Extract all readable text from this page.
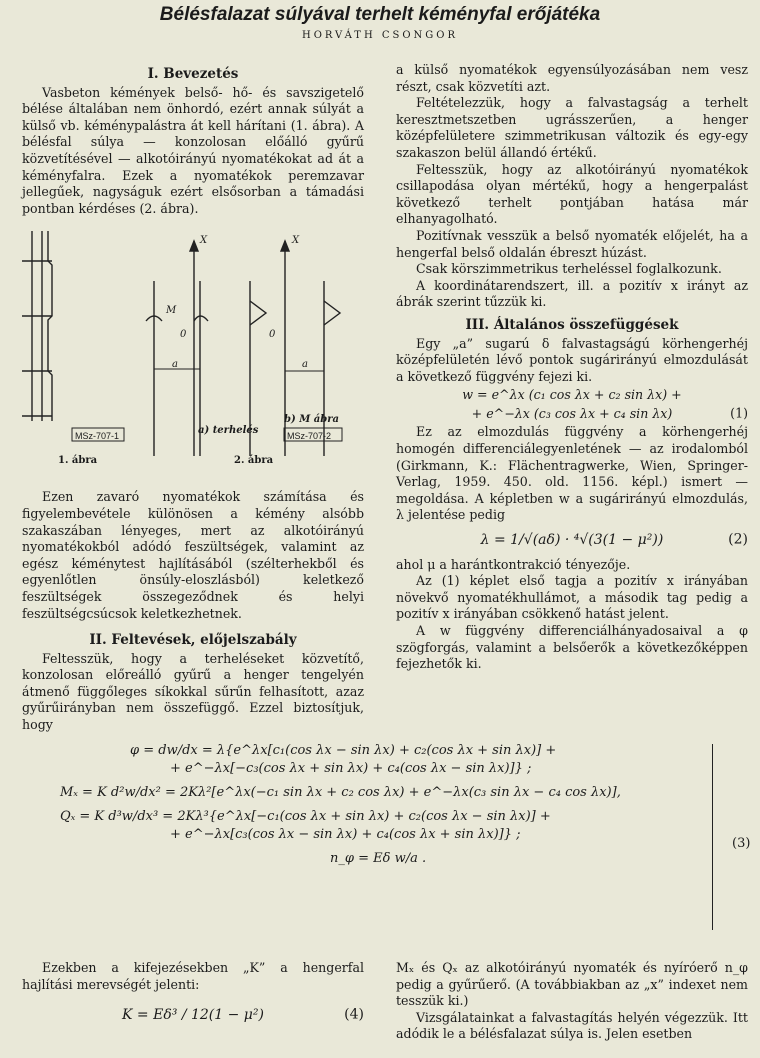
Bélésfalazat súlyával terhelt kéményfal erőjátéka
HORVÁTH CSONGOR
I. Bevezetés

Vasbeton kémények belső- hő- és savszigetelő bélése általában nem önhordó, ezért annak súlyát a külső vb. kéménypalástra át kell hárítani (1. ábra). A bélésfal súlya — konzolosan előálló gyűrű közvetítésével — alkotóirányú nyomatékokat ad át a kéményfalra. Ezek a nyomatékok peremzavar jellegűek, nagyságuk ezért elsősorban a támadási pontban kérdéses (2. ábra).

MSz-707-1
1. ábra
X
M
0
a
a) terhelés
X
0
a
b) M ábra
MSz-707-2
2. ábra

Ezen zavaró nyomatékok számítása és figyelembevétele különösen a kémény alsóbb szakaszában lényeges, mert az alkotóirányú nyomatékokból adódó feszültségek, valamint az egész kéménytest hajlításából (szélterhekből és egyenlőtlen önsúly-eloszlásból) keletkező feszültségek összegeződnek és helyi feszültségcsúcsok keletkezhetnek.

II. Feltevések, előjelszabály

Feltesszük, hogy a terheléseket közvetítő, konzolosan előreálló gyűrű a henger tengelyén átmenő függőleges síkokkal sűrűn felhasított, azaz gyűrűirányban nem összefüggő. Ezzel biztosítjuk, hogy

a külső nyomatékok egyensúlyozásában nem vesz részt, csak közvetíti azt.

Feltételezzük, hogy a falvastagság a terhelt keresztmetszetben ugrásszerűen, a henger középfelületere szimmetrikusan változik és egy-egy szakaszon belül állandó értékű.

Feltesszük, hogy az alkotóirányú nyomatékok csillapodása olyan mértékű, hogy a hengerpalást következő terhelt pontjában hatása már elhanyagolható.

Pozitívnak vesszük a belső nyomaték előjelét, ha a hengerfal belső oldalán ébreszt húzást.

Csak körszimmetrikus terheléssel foglalkozunk.

A koordinátarendszert, ill. a pozitív x irányt az ábrák szerint tűzzük ki.

III. Általános összefüggések

Egy „a” sugarú δ falvastagságú körhengerhéj középfelületén lévő pontok sugárirányú elmozdulását a következő függvény fejezi ki.

w = e^λx (c₁ cos λx + c₂ sin λx) +
+ e^−λx (c₃ cos λx + c₄ sin λx)	(1)

Ez az elmozdulás függvény a körhengerhéj homogén differenciálegyenletének — az irodalomból (Girkmann, K.: Flächentragwerke, Wien, Springer-Verlag, 1959. 450. old. 1156. képl.) ismert — megoldása. A képletben w a sugárirányú elmozdulás, λ jelentése pedig

λ = 1/√(aδ) · ⁴√(3(1 − μ²))	(2)

ahol μ a harántkontrakció tényezője.

Az (1) képlet első tagja a pozitív x irányában növekvő nyomatékhullámot, a második tag pedig a pozitív x irányában csökkenő hatást jelent.

A w függvény differenciálhányadosaival a φ szögforgás, valamint a belsőerők a következőképpen fejezhetők ki.

φ = dw/dx = λ{e^λx[c₁(cos λx − sin λx) + c₂(cos λx + sin λx)] +
+ e^−λx[−c₃(cos λx + sin λx) + c₄(cos λx − sin λx)]} ;
Mₓ = K d²w/dx² = 2Kλ²[e^λx(−c₁ sin λx + c₂ cos λx) + e^−λx(c₃ sin λx − c₄ cos λx)],
Qₓ = K d³w/dx³ = 2Kλ³{e^λx[−c₁(cos λx + sin λx) + c₂(cos λx − sin λx)] +
+ e^−λx[c₃(cos λx − sin λx) + c₄(cos λx + sin λx)]} ;
n_φ = Eδ w/a .
(3)

Ezekben a kifejezésekben „K” a hengerfal hajlítási merevségét jelenti:

K = Eδ³ / 12(1 − μ²)	(4)

Mₓ és Qₓ az alkotóirányú nyomaték és nyíróerő n_φ pedig a gyűrűerő. (A továbbiakban az „x” indexet nem tesszük ki.)

Vizsgálatainkat a falvastagítás helyén végezzük. Itt adódik le a bélésfalazat súlya is. Jelen esetben
